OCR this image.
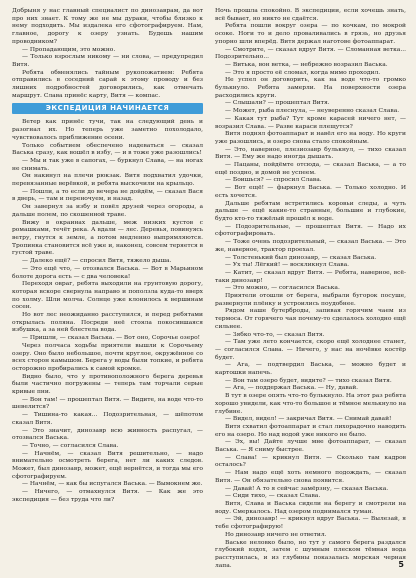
Добрыня у нас главный специалист по динозаврам, да вот про них знает. К тому же не мы дураки, чтобы близко к нему подходить. Мы издалека его сфотографируем. Нам, главное, дорогу к озеру узнать. Будешь нашим проводником?

— Пропадающим, это можно.

— Только взрослым никому — ни слова, — предупредил Витя.

Ребята обменялись тайным рукопожатием: Ребята отправились в соседний сарай к этому проводу и без лишних подробностей договорились, как отмечать маршрут. Слава принёс карту, Витя — компас.

ЭКСПЕДИЦИЯ НАЧИНАЕТСЯ

Ветер как принёс тучи, так на следующий день и разогнал их. Но теперь уже заметно похолодало, чувствовалось приближение осени.

Только событием обеспечено надеваться — сказал Васька сразу, как вошёл в избу, — и в тоже уже разошлись!

— Мы и так уже в сапогах, — буркнул Слава, — на ногах не снимать.

Он накинул на плечи рюкзак. Витя подхватил удочки, перевязанные верёвкой, и ребята выскочили на крыльцо.

— Пошли, а то если до вечера не дойдём, — сказал Вася в дверь, — там и переночуем, и назад.

Он завернул за избу и повёл друзей через огороды, а дальше полем, по скошенной траве.

Вижу в окраинах дальше, меж низких кустов с ромашками, течёт река. А вдали — лес. Деревья, повинуясь ветру, гнутся к земле, а потом медленно выпрямляются. Тропинка становится всё уже и, наконец, совсем теряется в густой траве.

— Далеко ещё? — спросил Витя, тяжело дыша.

— Это ещё что, — отозвался Васька. — Вот в Марьином болоте дорога есть — с два человека!

Переходя овраг, ребята выходили на грунтовую дорогу, которая вскоре свернула направо и поползла куда-то вверх по холму. Шли молча. Солнце уже клонилось к вершинам сосен.

Но вот лес неожиданно расступился, и перед ребятами открылась поляна. Посреди неё стояла покосившаяся избушка, а за ней блестела вода.

— Пришли, — сказал Васька. — Вот оно, Сорочье озеро!

Через полчаса ходьбы приятели вышли к Сорочьему озеру. Оно было небольшое, почти круглое, окружённое со всех сторон камышом. Берега у воды были топкие, и ребята осторожно пробирались к самой кромке.

Видно было, что у противоположного берега деревья были частично погружены — теперь там торчали серые кривые пни.

— Вон там! — прошептал Витя. — Видите, на воде что-то шевелится?

— Тишина-то какая... Подозрительная, — шёпотом сказал Витя.

— Это значит, динозавр всю живность распугал, — отозвался Васька.

— Точно, — согласился Слава.

— Начнём, — сказал Витя решительно, — надо внимательно осмотреть берега, нет ли каких следов. Может, был динозавр, может, ещё вернётся, и тогда мы его сфотографируем.

— Начнём, — как бы испугался Васька. — Вымокнем же.

— Ничего, — отмахнулся Витя. — Как же это экспедиция — без труда что ли?

Ночь прошла спокойно. В экспедиции, если хочешь знать, всё бывает, но никто не сдаётся.

Ребята пошли вокруг озера — по кочкам, по мокрой осоке. Ноги то и дело проваливались в грязь, но друзья упорно шли вперёд. Витя держал наготове фотоаппарат.

— Смотрите, — сказал вдруг Витя. — Сломанная ветка... Подозрительно...

— Витька, вон ветка, — небрежно возразил Васька.

— Это я просто её сломал, когда мимо проходил.

Не успел он договорить, как на воде что-то громко булькнуло. Ребята замерли. На поверхности озера расходились круги.

— Слышали? — прошептал Витя.

— Может, рыба плеснула, — неуверенно сказал Слава.

— Какая тут рыба? Тут кроме карасей ничего нет, — возразил Слава. — Разве караси плещутся?

Витя поднял фотоаппарат и навёл его на воду. Но круги уже разошлись, и озеро снова стало спокойным.

— Это, наверное, плезиозавр булькнул, — тихо сказал Витя. — Ему же надо иногда дышать.

— Пацаны, пойдёмте отсюда, — сказал Васька, — а то ещё поздно, и домой не успеем.

— Боишься? — спросил Слава.

— Вот ещё! — фыркнул Васька. — Только холодно. И есть хочется.

Дальше ребятам встретились коровьи следы, а чуть дальше — ещё какие-то странные, большие и глубокие, будто кто-то тяжёлый прошёл к воде.

— Подозрительные, — прошептал Витя. — Надо их сфотографировать.

— Тоже очень подозрительный, — сказал Васька. — Это же, наверное, трактор проехал.

— Толстенький был динозавр, — сказал Васька.

— Ух ты! Лёгкий! — воскликнул Слава.

— Катит, — сказал вдруг Витя. — Ребята, наверное, всё-таки динозавр!

— Это можно, — согласился Васька.

Приятели отошли от берега, выбрали бугорок посуше, развернули плёнку и устроились поудобнее.

Рядом наше бутерброды, запивая горячим чаем из термоса. От горячего чая почему-то сделалось холодно ещё сильнее.

— Зябко что-то, — сказал Витя.

— Там уже лето кончается, скоро ещё холоднее станет, — согласился Слава. — Ничего, у нас на ночёвке костёр будет.

— Ага, — подтвердил Васька, — можно будет и картошки напечь.

— Вон там озеро будет, видите? — тихо сказал Витя.

— Ага, — поддержал Васька. — Ну, давай.

В тут в озере опять что-то булькнуло. На этот раз ребята хорошо увидели, как что-то большое и тёмное мелькнуло на глубине.

— Видел, видел! — закричал Витя. — Снимай давай!

Витя схватил фотоаппарат и стал лихорадочно наводить его на озеро. Но над водой уже никого не было.

— Эх, вы! Дайте лучше мне фотоаппарат, — сказал Васька. — Я сниму быстрее.

— Слава! — крикнул Витя. — Сколько там кадров осталось?

— Нам надо ещё хоть немного подождать, — сказал Витя. — Он обязательно снова появится.

— Давай! А то я сейчас замёрзну, — сказал Васька.

— Сиди тихо, — сказал Слава.

Витя, Слава и Васька сидели на берегу и смотрели на воду. Смеркалось. Над озером поднимался туман.

— Эй, динозавр! — крикнул вдруг Васька. — Вылезай, я тебе сфотографирую!

Но динозавр ничего не ответил.

Ваське неловко было, но тут у самого берега раздался глубокий вздох, затем с шумным плеском тёмная вода расступилась, и из глубины показалась морская черная лапа.	5
